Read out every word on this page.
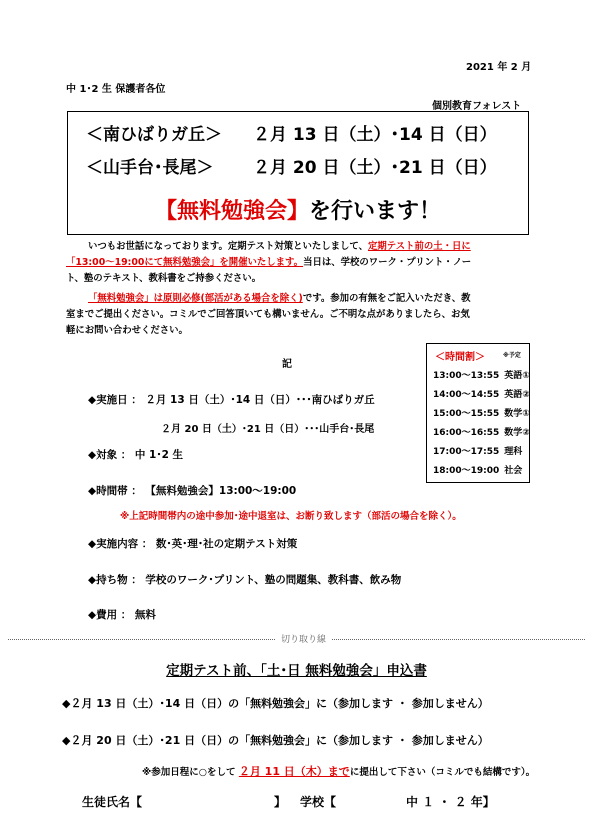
2021 年 2 月
中 1･2 生 保護者各位
個別教育フォレスト
＜南ひばりガ丘＞ ２月 13 日（土）･14 日（日）
＜山手台･長尾＞ ２月 20 日（土）･21 日（日）
【無料勉強会】を行います！
いつもお世話になっております。定期テスト対策といたしまして、定期テスト前の土・日に
「13:00～19:00にて無料勉強会」を開催いたします。当日は、学校のワーク・プリント・ノー
ト、塾のテキスト、教科書をご持参ください。
「無料勉強会」は原則必修(部活がある場合を除く)です。参加の有無をご記入いただき、教
室までご提出ください。コミルでご回答頂いても構いません。ご不明な点がありましたら、お気
軽にお問い合わせください。
記
＜時間割＞	※予定
13:00～13:55 英語①
14:00～14:55 英語②
15:00～15:55 数学①
16:00～16:55 数学②
17:00～17:55 理科
18:00～19:00 社会
◆実施日 ： ２月 13 日（土）･14 日（日）･･･南ひばりガ丘
２月 20 日（土）･21 日（日）･･･山手台･長尾
◆対象 ： 中 1･2 生
◆時間帯 ： 【無料勉強会】13:00～19:00
※上記時間帯内の途中参加･途中退室は、お断り致します（部活の場合を除く）。
◆実施内容 ： 数･英･理･社の定期テスト対策
◆持ち物 ： 学校のワーク･プリント、塾の問題集、教科書、飲み物
◆費用 ： 無料
切り取り線
定期テスト前、「土･日 無料勉強会」申込書
◆２月 13 日（土）･14 日（日）の「無料勉強会」に（参加します ・ 参加しません）
◆２月 20 日（土）･21 日（日）の「無料勉強会」に（参加します ・ 参加しません）
※参加日程に○をして ２月 11 日（木）までに提出して下さい（コミルでも結構です）。
生徒氏名【	】 学校【	中 １ ・ ２ 年】
